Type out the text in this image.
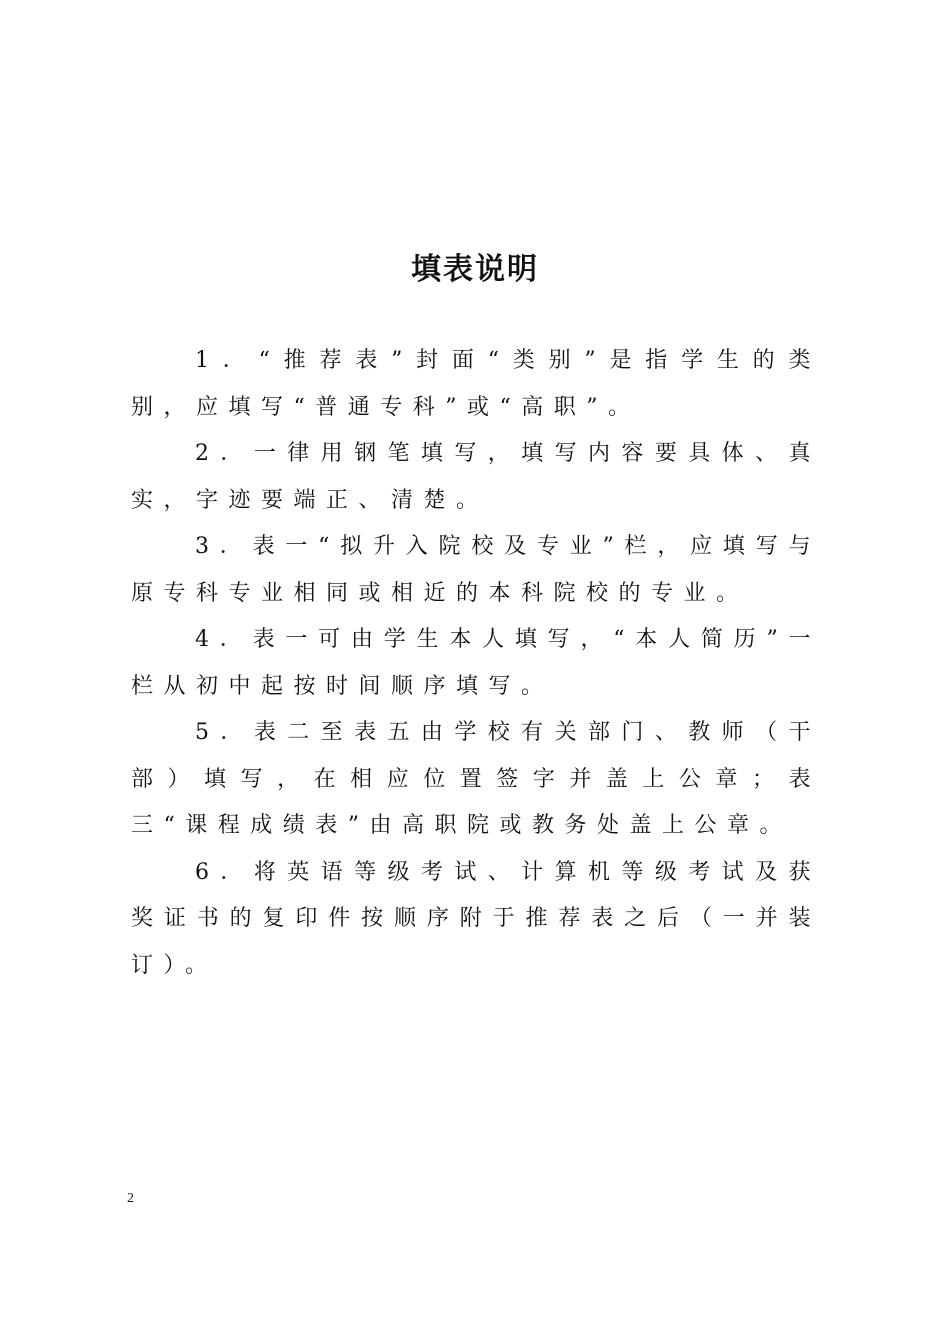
填表说明

1．“推荐表”封面“类别”是指学生的类别，应填写“普通专科”或“高职”。

2．一律用钢笔填写，填写内容要具体、真实，字迹要端正、清楚。

3．表一“拟升入院校及专业”栏，应填写与原专科专业相同或相近的本科院校的专业。

4．表一可由学生本人填写，“本人简历”一栏从初中起按时间顺序填写。

5．表二至表五由学校有关部门、教师（干部）填写，在相应位置签字并盖上公章；表三“课程成绩表”由高职院或教务处盖上公章。

6．将英语等级考试、计算机等级考试及获奖证书的复印件按顺序附于推荐表之后（一并装订）。

2
